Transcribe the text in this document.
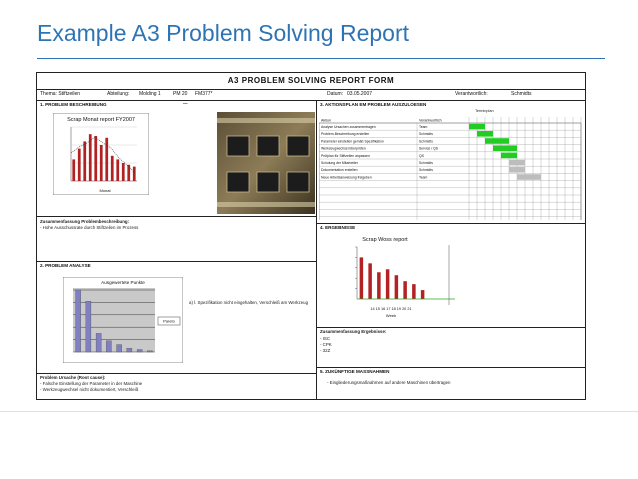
Example A3 Problem Solving Report
A3 PROBLEM SOLVING REPORT FORM
Thema: Stiftzeilen	Abteilung: Molding 1 PM 20 FM377*	Datum: 03.05.2007	Verantwortlich:	Schmidts
1. PROBLEM BESCHREIBUNG	—
Scrap Monat report FY2007
Monat
Zusammenfassung Problembeschreibung:
- Hohe Ausschussrate durch Stiftzeilen im Prozess
2. PROBLEM ANALYSE
Ausgewertete Punkte
Pareto
a) l. Spezifikation nicht eingehalten, Verschleiß am Werkzeug
Problem Ursache (Root cause):
- Falsche Einstellung der Parameter in der Maschine
- Werkzeugwechsel nicht dokumentiert, Verschleiß
3. AKTIONSPLAN EM PROBLEM AUSZULOESEN
Aktion	Verantwortlich
Analyse Ursachen zusammentragen	Team
Problem-Beschreibung erstellen	Schmidts
Parameter einstellen gemäß Spezifikation	Schmidts
Werkzeugwechsel überprüfen	Service / QS
Prüfplan für Stiftzeilen anpassen	QS
Schulung der Mitarbeiter	Schmidts
Dokumentation erstellen	Schmidts
Neue Arbeitsanweisung freigeben	Team
Terminplan
4. ERGEBNISSE
Scrap Woss report
14 15 16 17 18 19 20 21
Week
Zusammenfassung Ergebnisse:
- ISC
- CPK
- 32Z
5. ZUKÜNFTIGE MASSNAHMEN
- Eingliederungsmaßnahmen auf andere Maschinen übertragen
